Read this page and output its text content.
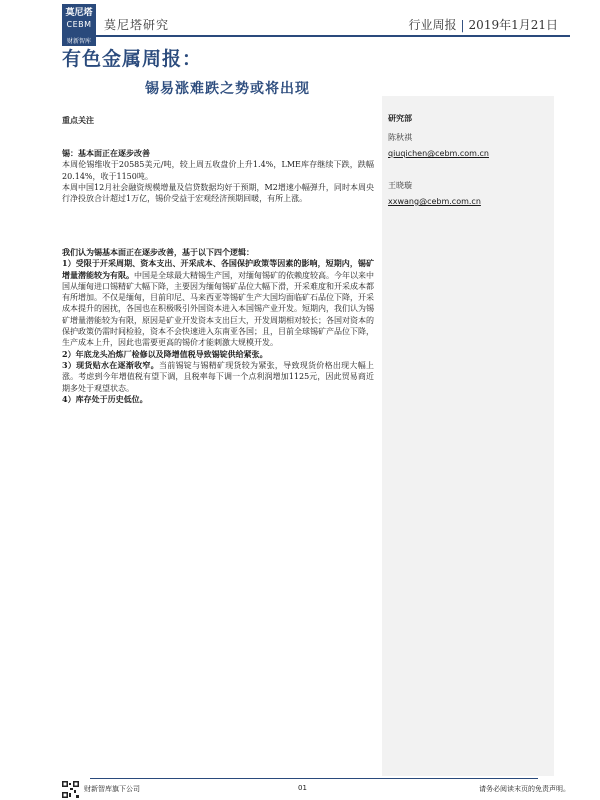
莫尼塔
CEBM
财新智库
莫尼塔研究	行业周报 | 2019年1月21日
有色金属周报：
锡易涨难跌之势或将出现
研究部
陈秋祺
qiuqichen@cebm.com.cn
王晓璇
xxwang@cebm.com.cn
重点关注

锡：基本面正在逐步改善

本周伦锡维收于20585美元/吨，较上周五收盘价上升1.4%，LME库存继续下跌，跌幅20.14%，收于1150吨。

本周中国12月社会融资规模增量及信贷数据均好于预期，M2增速小幅弹升，同时本周央行净投放合计超过1万亿，锡价受益于宏观经济预期回暖，有所上涨。

我们认为锡基本面正在逐步改善，基于以下四个逻辑：

1）受限于开采周期、资本支出、开采成本、各国保护政策等因素的影响，短期内，锡矿增量潜能较为有限。中国是全球最大精锡生产国，对缅甸锡矿的依赖度较高。今年以来中国从缅甸进口锡精矿大幅下降，主要因为缅甸锡矿品位大幅下滑，开采难度和开采成本都有所增加。不仅是缅甸，目前印尼、马来西亚等锡矿生产大国均面临矿石品位下降，开采成本提升的困扰，各国也在积极吸引外国资本进入本国锡产业开发。短期内，我们认为锡矿增量潜能较为有限，原因是矿业开发资本支出巨大，开发周期相对较长；各国对资本的保护政策仍需时间检验，资本不会快速进入东南亚各国；且，目前全球锡矿产品位下降，生产成本上升，因此也需要更高的锡价才能刺激大规模开发。

2）年底龙头冶炼厂检修以及降增值税导致锡锭供给紧张。

3）现货贴水在逐渐收窄。当前锡锭与锡精矿现货较为紧张，导致现货价格出现大幅上涨。考虑到今年增值税有望下调，且税率每下调一个点利润增加1125元，因此贸易商近期多处于观望状态。

4）库存处于历史低位。

财新智库旗下公司	01	请务必阅读末页的免责声明。
